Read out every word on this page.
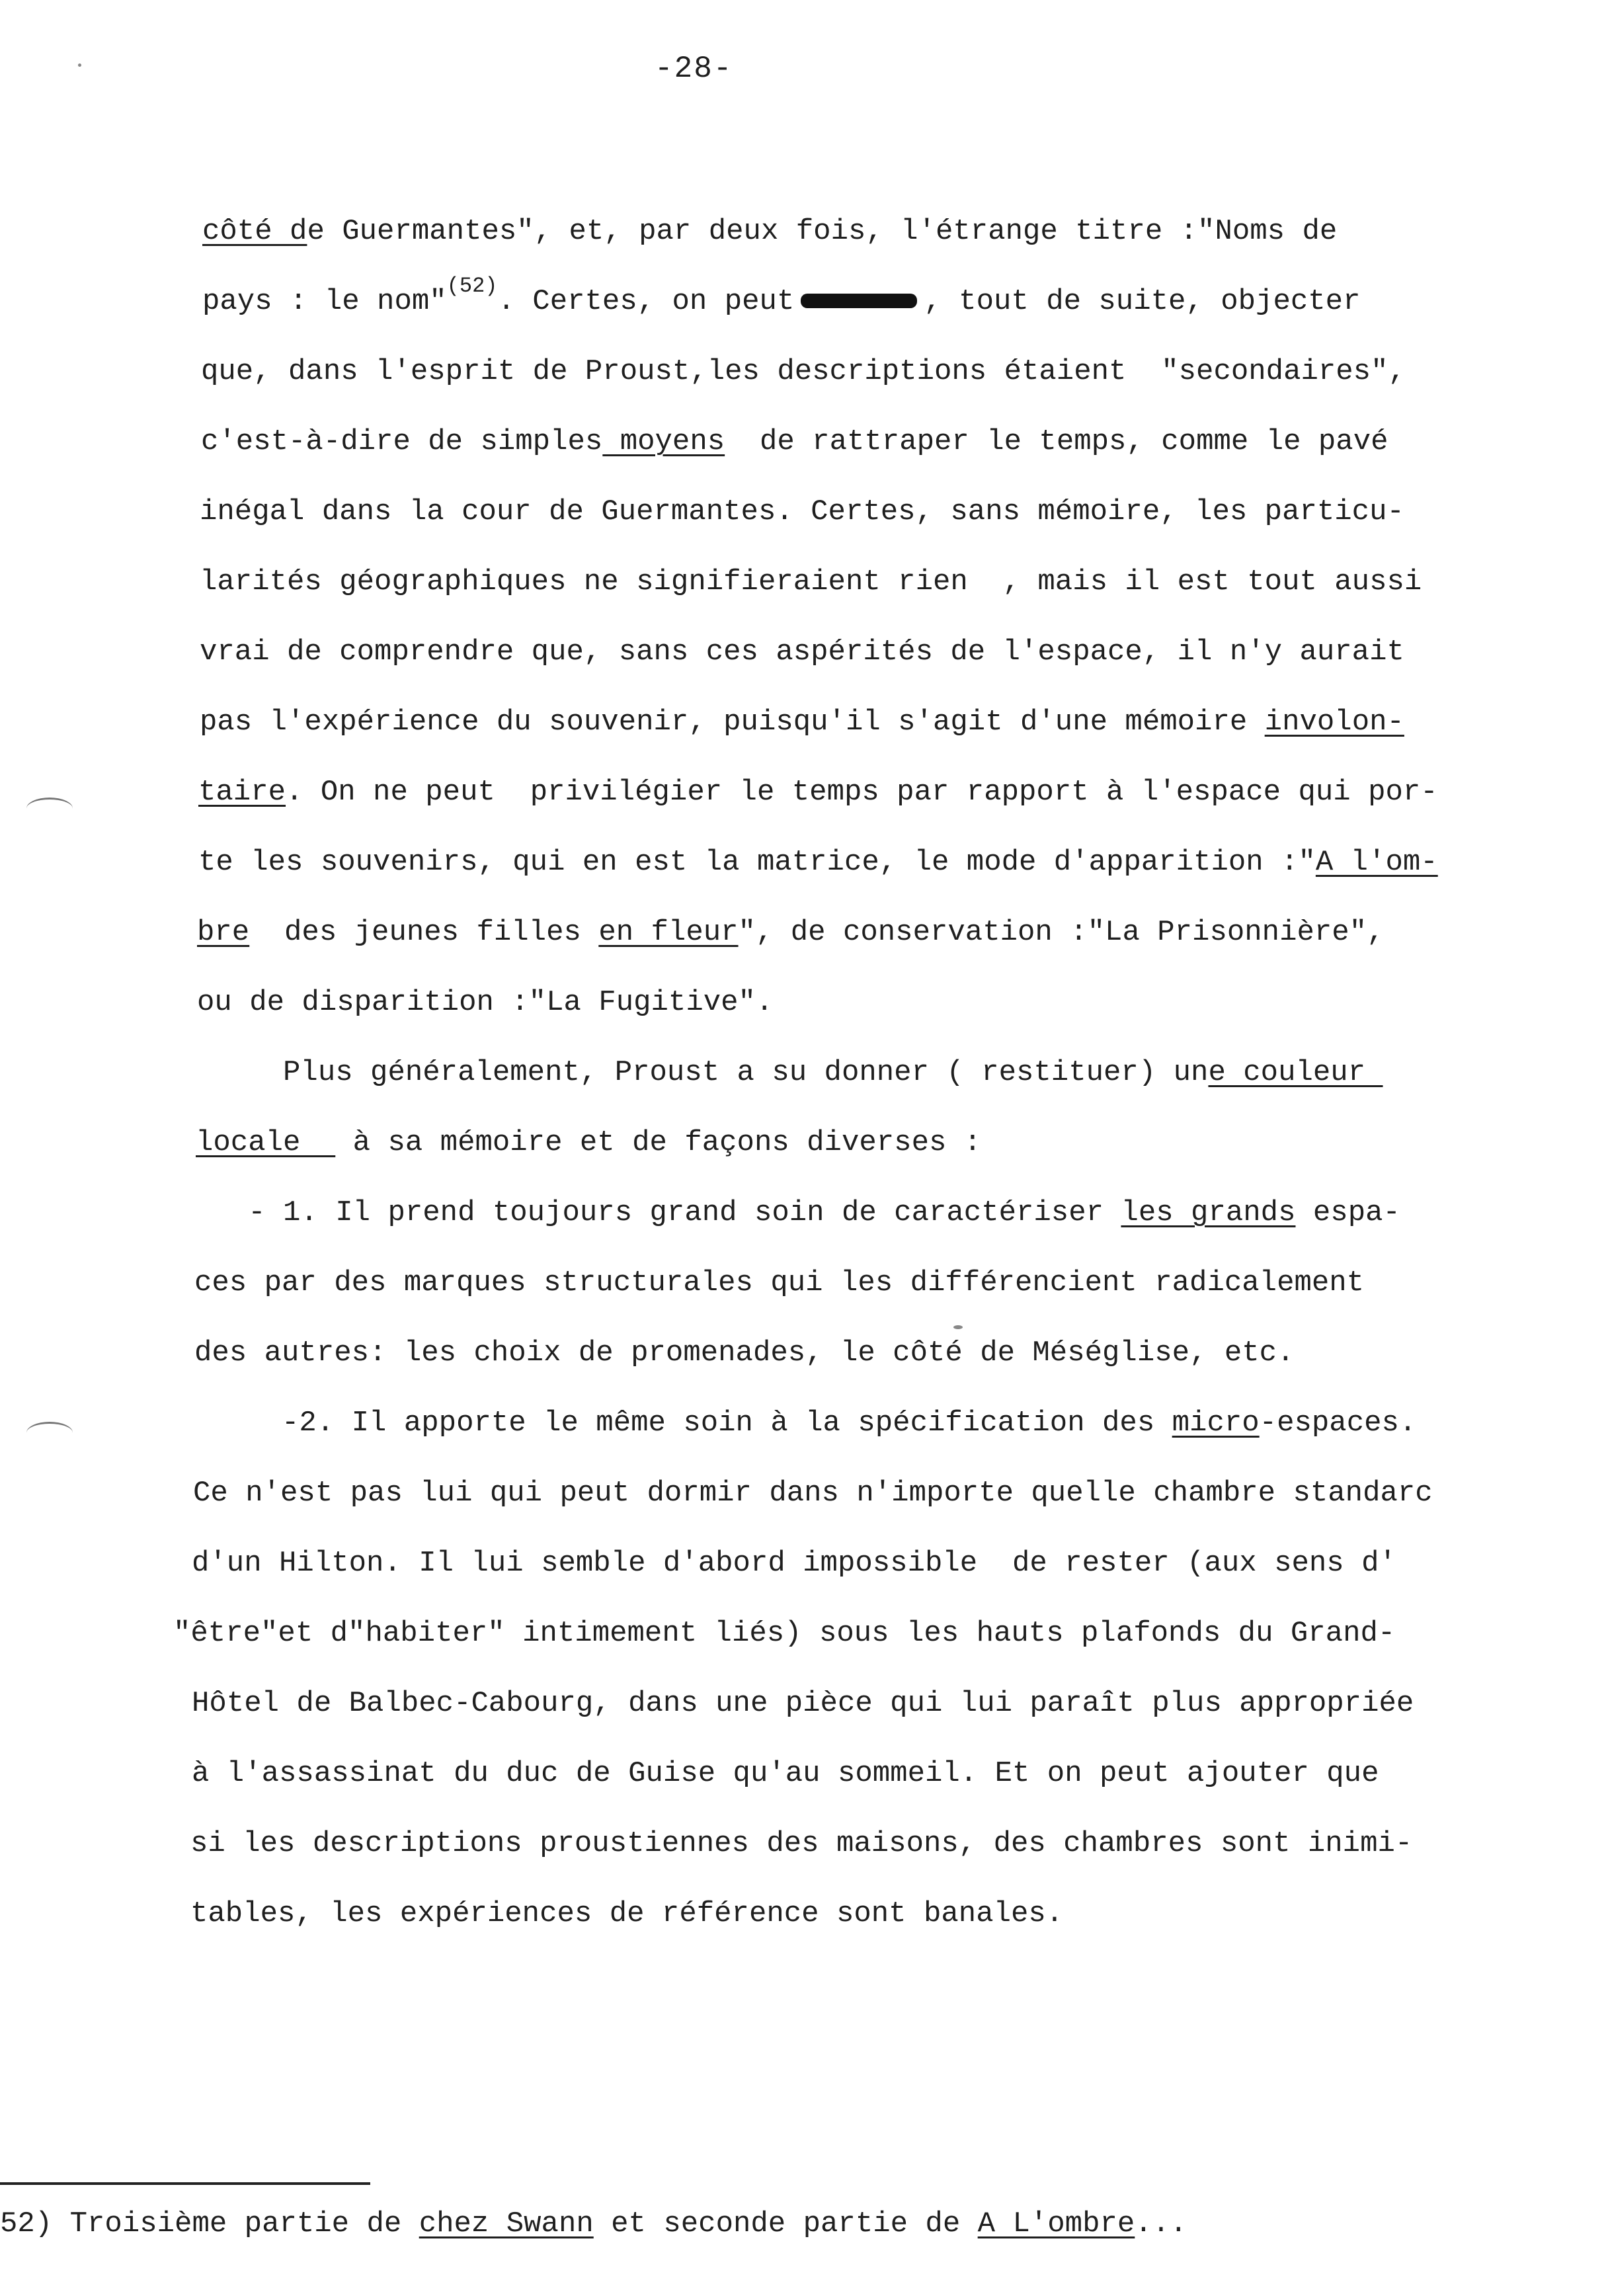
-28-
côté de Guermantes", et, par deux fois, l'étrange titre :"Noms de
pays : le nom"$^{(52)}$. Certes, on peut	, tout de suite, objecter
que, dans l'esprit de Proust,les descriptions étaient  "secondaires",
c'est-à-dire de simples moyens  de rattraper le temps, comme le pavé
inégal dans la cour de Guermantes. Certes, sans mémoire, les particu-
larités géographiques ne signifieraient rien  , mais il est tout aussi
vrai de comprendre que, sans ces aspérités de l'espace, il n'y aurait
pas l'expérience du souvenir, puisqu'il s'agit d'une mémoire involon-
taire. On ne peut  privilégier le temps par rapport à l'espace qui por-
te les souvenirs, qui en est la matrice, le mode d'apparition :"A l'om-
bre  des jeunes filles en fleur", de conservation :"La Prisonnière",
ou de disparition :"La Fugitive".
Plus généralement, Proust a su donner ( restituer) une couleur
locale   à sa mémoire et de façons diverses :
- 1. Il prend toujours grand soin de caractériser les grands espa-
ces par des marques structurales qui les différencient radicalement
des autres: les choix de promenades, le côté de Méséglise, etc.
-2. Il apporte le même soin à la spécification des micro-espaces.
Ce n'est pas lui qui peut dormir dans n'importe quelle chambre standarc
d'un Hilton. Il lui semble d'abord impossible  de rester (aux sens d'
"être"et d"habiter" intimement liés) sous les hauts plafonds du Grand-
Hôtel de Balbec-Cabourg, dans une pièce qui lui paraît plus appropriée
à l'assassinat du duc de Guise qu'au sommeil. Et on peut ajouter que
si les descriptions proustiennes des maisons, des chambres sont inimi-
tables, les expériences de référence sont banales.
52) Troisième partie de chez Swann et seconde partie de A L'ombre...
